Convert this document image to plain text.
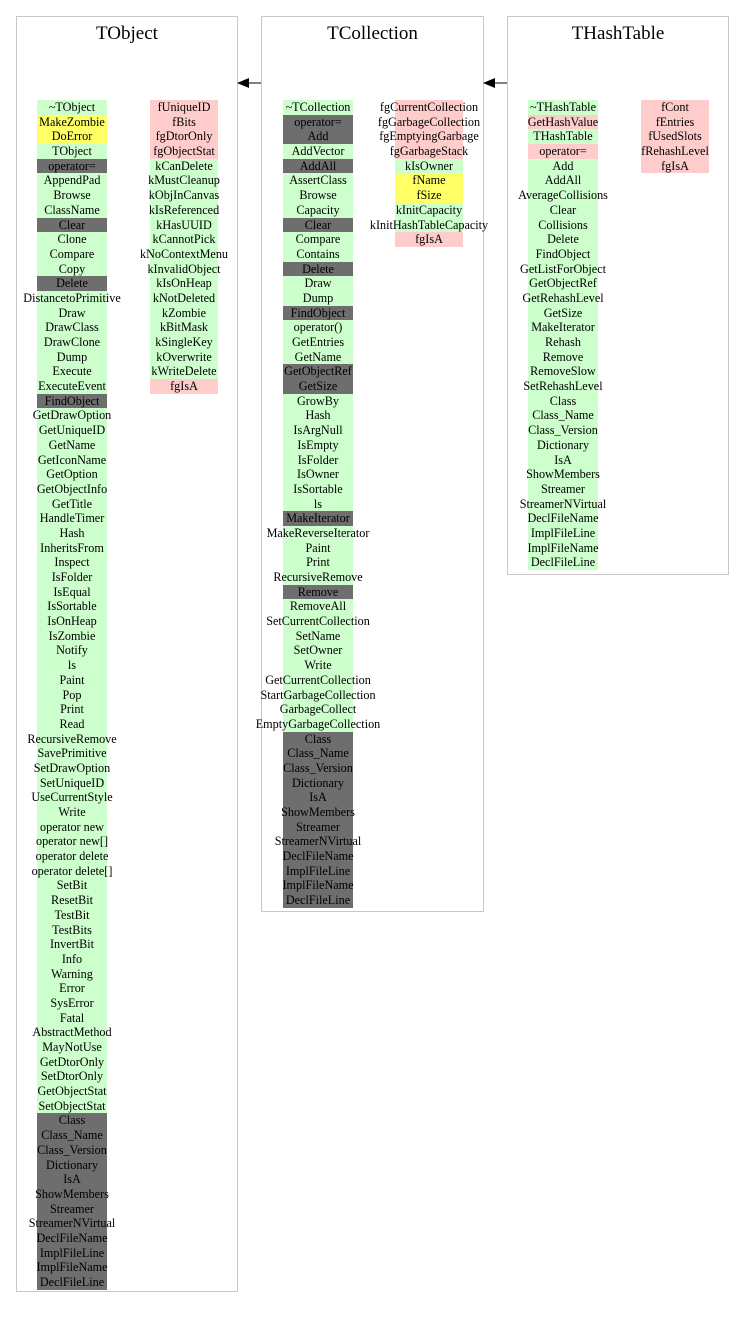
TObject
~TObject
MakeZombie
DoError
TObject
operator=
AppendPad
Browse
ClassName
Clear
Clone
Compare
Copy
Delete
DistancetoPrimitive
Draw
DrawClass
DrawClone
Dump
Execute
ExecuteEvent
FindObject
GetDrawOption
GetUniqueID
GetName
GetIconName
GetOption
GetObjectInfo
GetTitle
HandleTimer
Hash
InheritsFrom
Inspect
IsFolder
IsEqual
IsSortable
IsOnHeap
IsZombie
Notify
ls
Paint
Pop
Print
Read
RecursiveRemove
SavePrimitive
SetDrawOption
SetUniqueID
UseCurrentStyle
Write
operator new
operator new[]
operator delete
operator delete[]
SetBit
ResetBit
TestBit
TestBits
InvertBit
Info
Warning
Error
SysError
Fatal
AbstractMethod
MayNotUse
GetDtorOnly
SetDtorOnly
GetObjectStat
SetObjectStat
Class
Class_Name
Class_Version
Dictionary
IsA
ShowMembers
Streamer
StreamerNVirtual
DeclFileName
ImplFileLine
ImplFileName
DeclFileLine
fUniqueID
fBits
fgDtorOnly
fgObjectStat
kCanDelete
kMustCleanup
kObjInCanvas
kIsReferenced
kHasUUID
kCannotPick
kNoContextMenu
kInvalidObject
kIsOnHeap
kNotDeleted
kZombie
kBitMask
kSingleKey
kOverwrite
kWriteDelete
fgIsA
TCollection
~TCollection
operator=
Add
AddVector
AddAll
AssertClass
Browse
Capacity
Clear
Compare
Contains
Delete
Draw
Dump
FindObject
operator()
GetEntries
GetName
GetObjectRef
GetSize
GrowBy
Hash
IsArgNull
IsEmpty
IsFolder
IsOwner
IsSortable
ls
MakeIterator
MakeReverseIterator
Paint
Print
RecursiveRemove
Remove
RemoveAll
SetCurrentCollection
SetName
SetOwner
Write
GetCurrentCollection
StartGarbageCollection
GarbageCollect
EmptyGarbageCollection
Class
Class_Name
Class_Version
Dictionary
IsA
ShowMembers
Streamer
StreamerNVirtual
DeclFileName
ImplFileLine
ImplFileName
DeclFileLine
fgCurrentCollection
fgGarbageCollection
fgEmptyingGarbage
fgGarbageStack
kIsOwner
fName
fSize
kInitCapacity
kInitHashTableCapacity
fgIsA
THashTable
~THashTable
GetHashValue
THashTable
operator=
Add
AddAll
AverageCollisions
Clear
Collisions
Delete
FindObject
GetListForObject
GetObjectRef
GetRehashLevel
GetSize
MakeIterator
Rehash
Remove
RemoveSlow
SetRehashLevel
Class
Class_Name
Class_Version
Dictionary
IsA
ShowMembers
Streamer
StreamerNVirtual
DeclFileName
ImplFileLine
ImplFileName
DeclFileLine
fCont
fEntries
fUsedSlots
fRehashLevel
fgIsA
